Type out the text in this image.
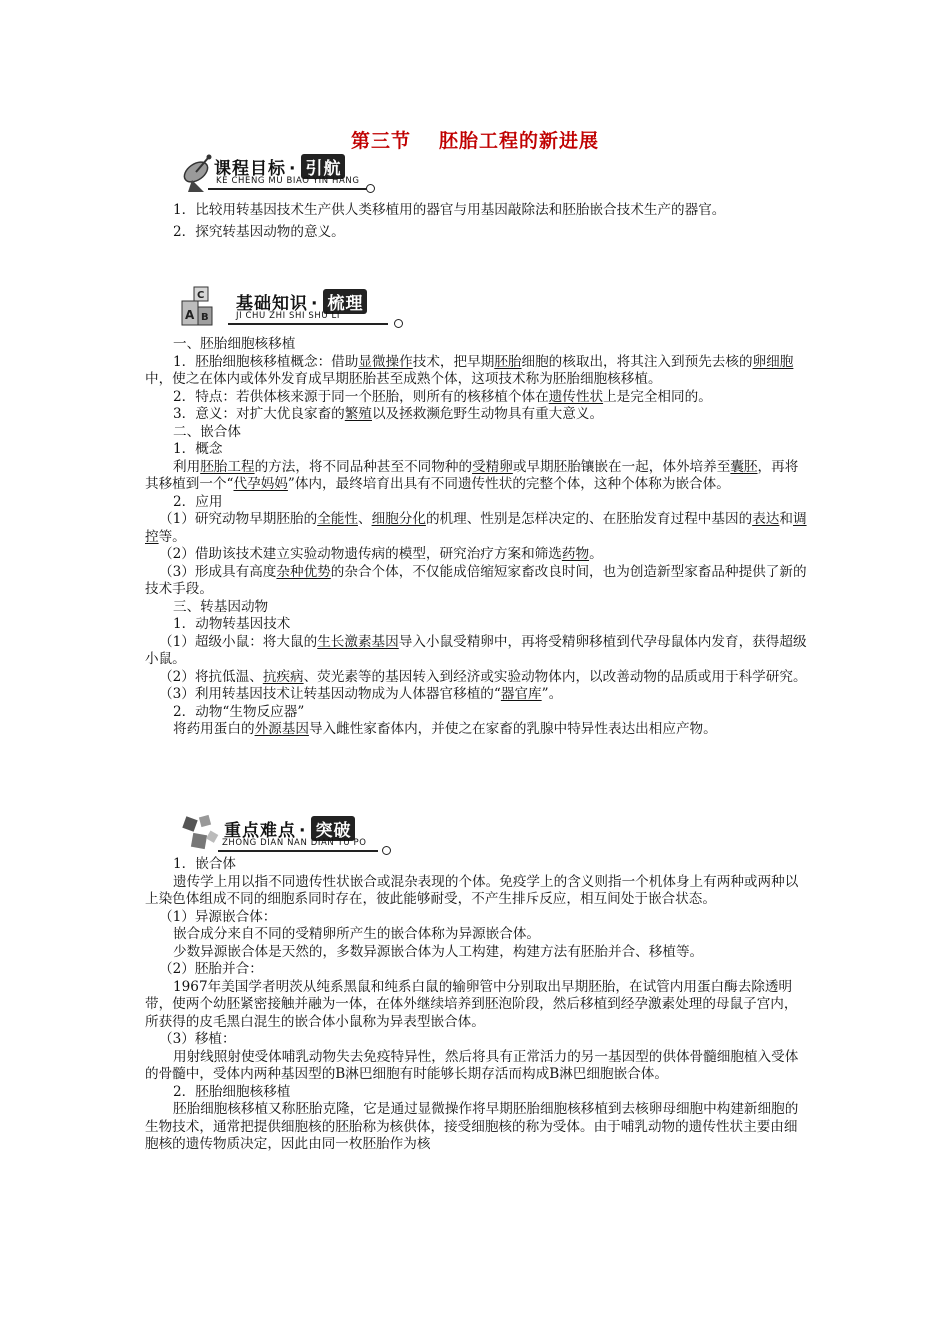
第三节 胚胎工程的新进展
课程目标 · 引航
KE CHENG MU BIAO YIN HANG

1．比较用转基因技术生产供人类移植用的器官与用基因敲除法和胚胎嵌合技术生产的器官。

2．探究转基因动物的意义。

A B
C 基础知识 · 梳理
JI CHU ZHI SHI SHU LI

一、胚胎细胞核移植

1．胚胎细胞核移植概念：借助显微操作技术，把早期胚胎细胞的核取出，将其注入到预先去核的卵细胞中，使之在体内或体外发育成早期胚胎甚至成熟个体，这项技术称为胚胎细胞核移植。

2．特点：若供体核来源于同一个胚胎，则所有的核移植个体在遗传性状上是完全相同的。

3．意义：对扩大优良家畜的繁殖以及拯救濒危野生动物具有重大意义。

二、嵌合体

1．概念

利用胚胎工程的方法，将不同品种甚至不同物种的受精卵或早期胚胎镶嵌在一起，体外培养至囊胚，再将其移植到一个“代孕妈妈”体内，最终培育出具有不同遗传性状的完整个体，这种个体称为嵌合体。

2．应用

（1）研究动物早期胚胎的全能性、细胞分化的机理、性别是怎样决定的、在胚胎发育过程中基因的表达和调控等。

（2）借助该技术建立实验动物遗传病的模型，研究治疗方案和筛选药物。

（3）形成具有高度杂种优势的杂合个体，不仅能成倍缩短家畜改良时间，也为创造新型家畜品种提供了新的技术手段。

三、转基因动物

1．动物转基因技术

（1）超级小鼠：将大鼠的生长激素基因导入小鼠受精卵中，再将受精卵移植到代孕母鼠体内发育，获得超级小鼠。

（2）将抗低温、抗疾病、荧光素等的基因转入到经济或实验动物体内，以改善动物的品质或用于科学研究。

（3）利用转基因技术让转基因动物成为人体器官移植的“器官库”。

2．动物“生物反应器”

将药用蛋白的外源基因导入雌性家畜体内，并使之在家畜的乳腺中特异性表达出相应产物。

重点难点 · 突破
ZHONG DIAN NAN DIAN TU PO

1．嵌合体

遗传学上用以指不同遗传性状嵌合或混杂表现的个体。免疫学上的含义则指一个机体身上有两种或两种以上染色体组成不同的细胞系同时存在，彼此能够耐受，不产生排斥反应，相互间处于嵌合状态。

（1）异源嵌合体：

嵌合成分来自不同的受精卵所产生的嵌合体称为异源嵌合体。

少数异源嵌合体是天然的，多数异源嵌合体为人工构建，构建方法有胚胎并合、移植等。

（2）胚胎并合：

1967年美国学者明茨从纯系黑鼠和纯系白鼠的输卵管中分别取出早期胚胎，在试管内用蛋白酶去除透明带，使两个幼胚紧密接触并融为一体，在体外继续培养到胚泡阶段，然后移植到经孕激素处理的母鼠子宫内，所获得的皮毛黑白混生的嵌合体小鼠称为异表型嵌合体。

（3）移植：

用射线照射使受体哺乳动物失去免疫特异性，然后将具有正常活力的另一基因型的供体骨髓细胞植入受体的骨髓中，受体内两种基因型的B淋巴细胞有时能够长期存活而构成B淋巴细胞嵌合体。

2．胚胎细胞核移植

胚胎细胞核移植又称胚胎克隆，它是通过显微操作将早期胚胎细胞核移植到去核卵母细胞中构建新细胞的生物技术，通常把提供细胞核的胚胎称为核供体，接受细胞核的称为受体。由于哺乳动物的遗传性状主要由细胞核的遗传物质决定，因此由同一枚胚胎作为核
